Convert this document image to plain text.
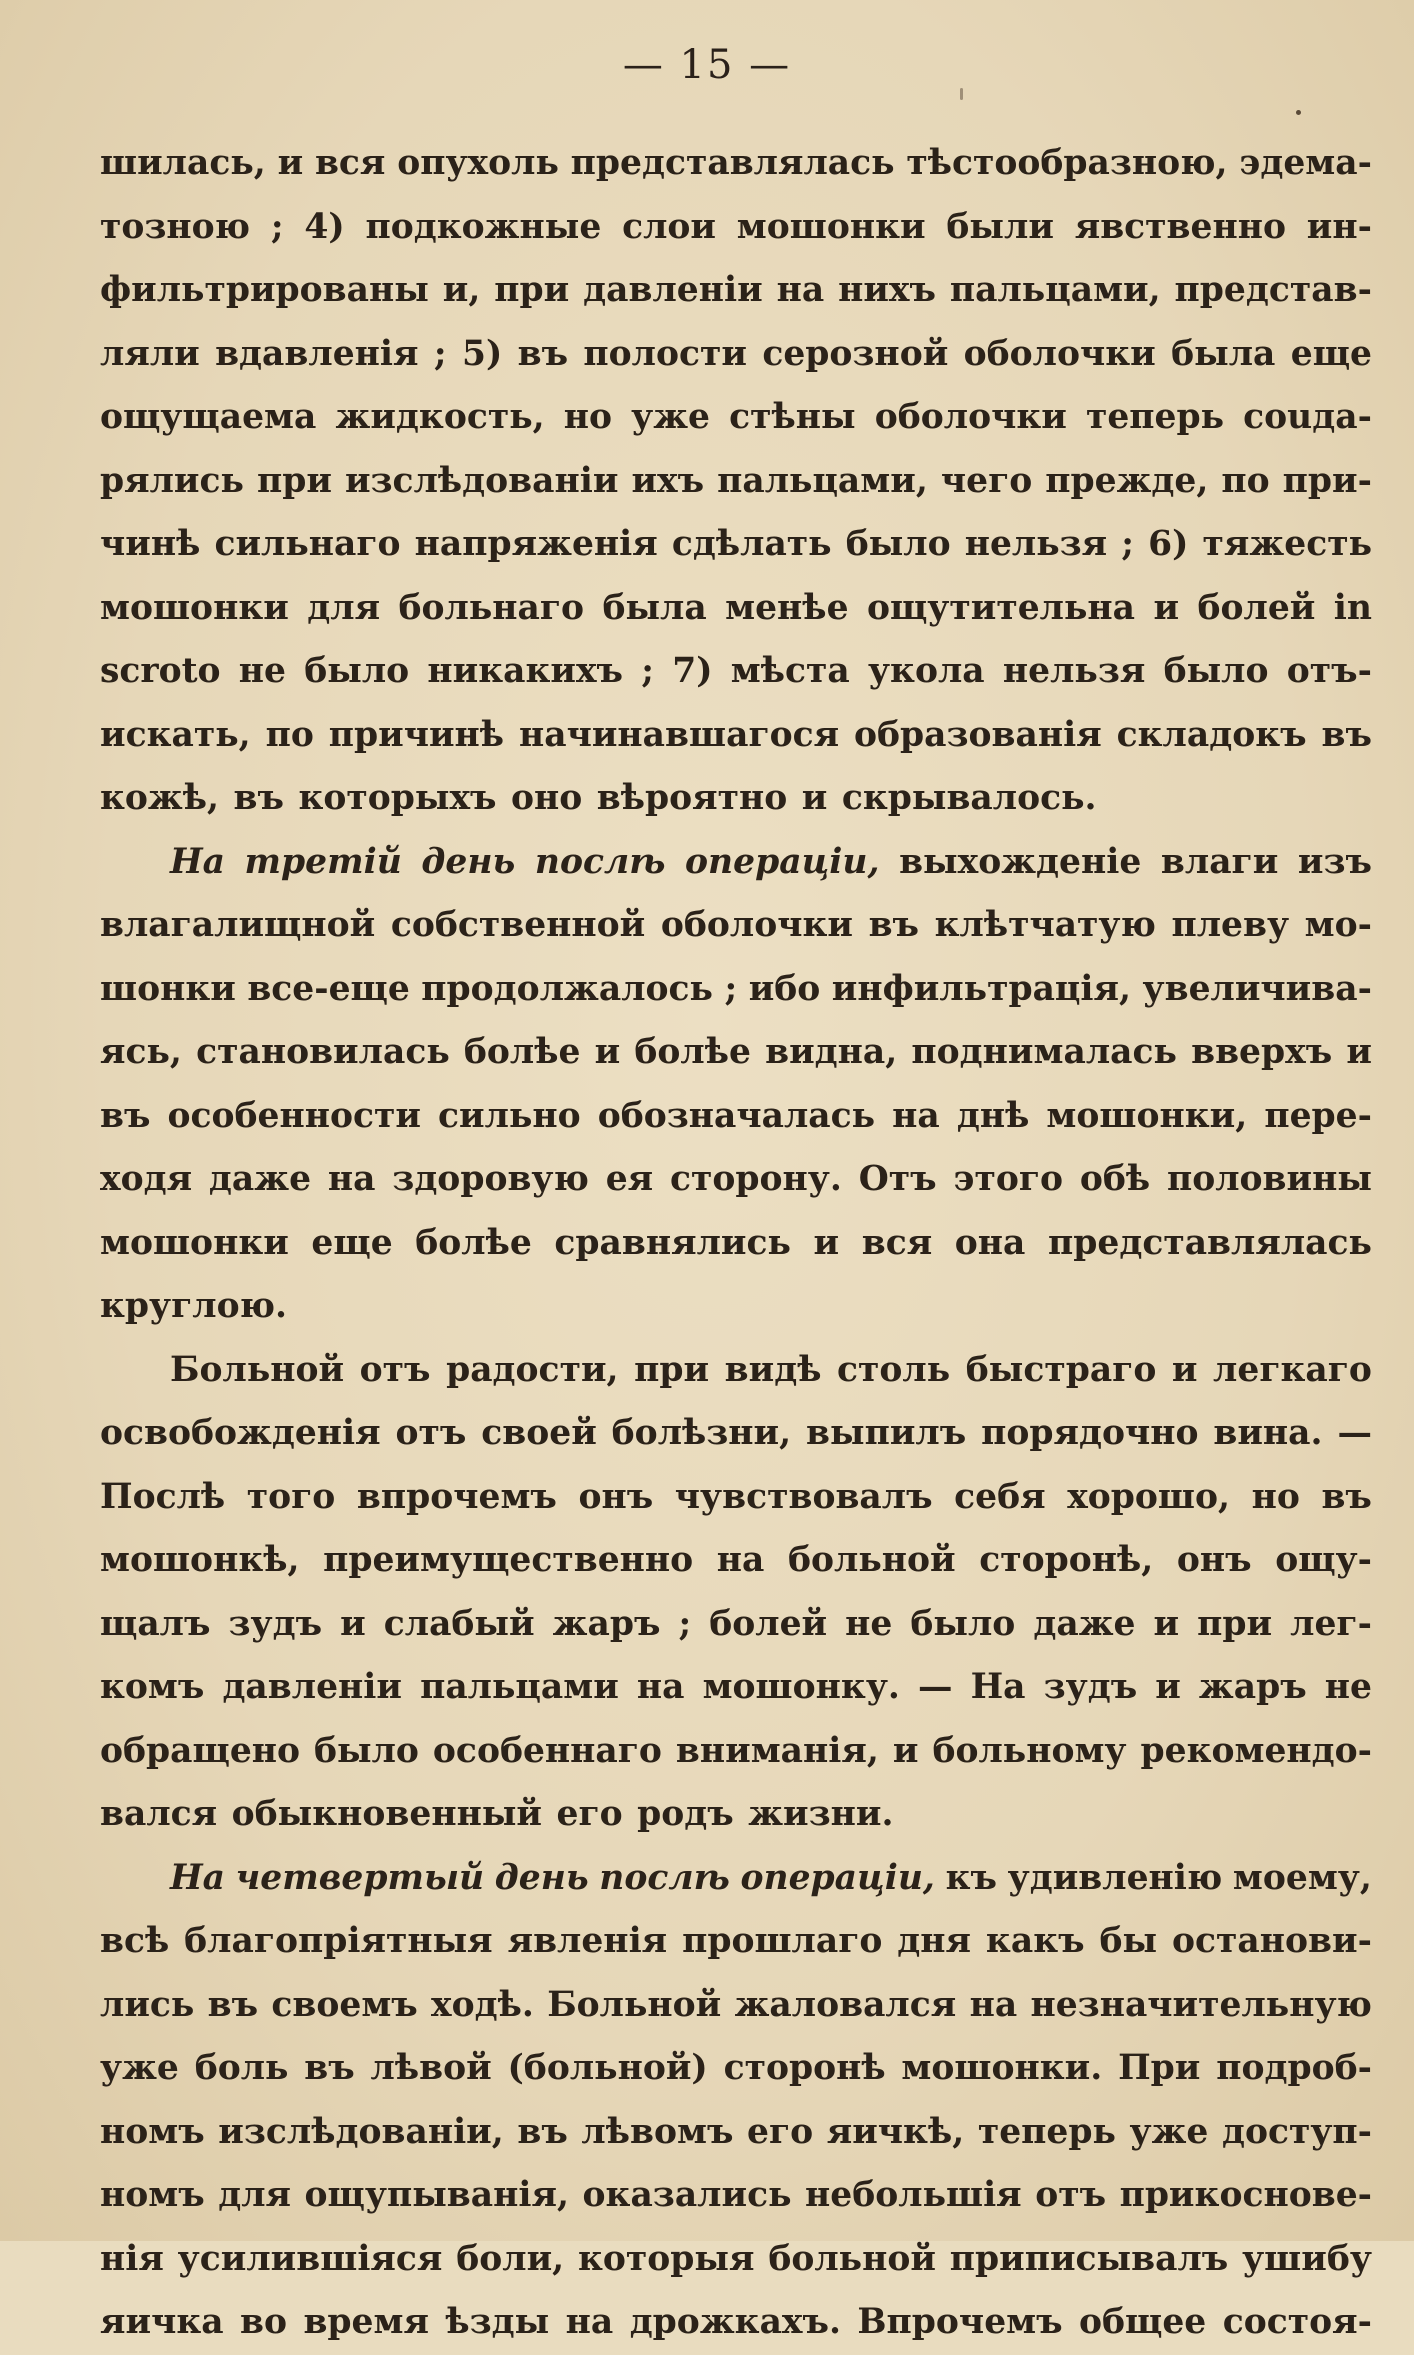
— 15 —
шилась, и вся опухоль представлялась тѣстообразною, эдема-
тозною ; 4) подкожные слои мошонки были явственно ин-
фильтрированы и, при давленіи на нихъ пальцами, представ-
ляли вдавленія ; 5) въ полости серозной оболочки была еще
ощущаема жидкость, но уже стѣны оболочки теперь сouда-
рялись при изслѣдованіи ихъ пальцами, чего прежде, по при-
чинѣ сильнаго напряженія сдѣлать было нельзя ; 6) тяжесть
мошонки для больнаго была менѣе ощутительна и болей in
scroto не было никакихъ ; 7) мѣста укола нельзя было отъ-
искать, по причинѣ начинавшагося образованія складокъ въ
кожѣ, въ которыхъ оно вѣроятно и скрывалось.
На третій день послѣ операціи, выхожденіе влаги изъ
влагалищной собственной оболочки въ клѣтчатую плеву мо-
шонки все-еще продолжалось ; ибо инфильтрація, увеличива-
ясь, становилась болѣе и болѣе видна, поднималась вверхъ и
въ особенности сильно обозначалась на днѣ мошонки, пере-
ходя даже на здоровую ея сторону. Отъ этого обѣ половины
мошонки еще болѣе сравнялись и вся она представлялась
круглою.
Больной отъ радости, при видѣ столь быстраго и легкаго
освобожденія отъ своей болѣзни, выпилъ порядочно вина. —
Послѣ того впрочемъ онъ чувствовалъ себя хорошо, но въ
мошонкѣ, преимущественно на больной сторонѣ, онъ ощу-
щалъ зудъ и слабый жаръ ; болей не было даже и при лег-
комъ давленіи пальцами на мошонку. — На зудъ и жаръ не
обращено было особеннаго вниманія, и больному рекомендо-
вался обыкновенный его родъ жизни.
На четвертый день послѣ операціи, къ удивленію моему,
всѣ благопріятныя явленія прошлаго дня какъ бы останови-
лись въ своемъ ходѣ. Больной жаловался на незначительную
уже боль въ лѣвой (больной) сторонѣ мошонки. При подроб-
номъ изслѣдованіи, въ лѣвомъ его яичкѣ, теперь уже доступ-
номъ для ощупыванія, оказались небольшія отъ прикоснове-
нія усилившіяся боли, которыя больной приписывалъ ушибу
яичка во время ѣзды на дрожкахъ. Впрочемъ общее состоя-
